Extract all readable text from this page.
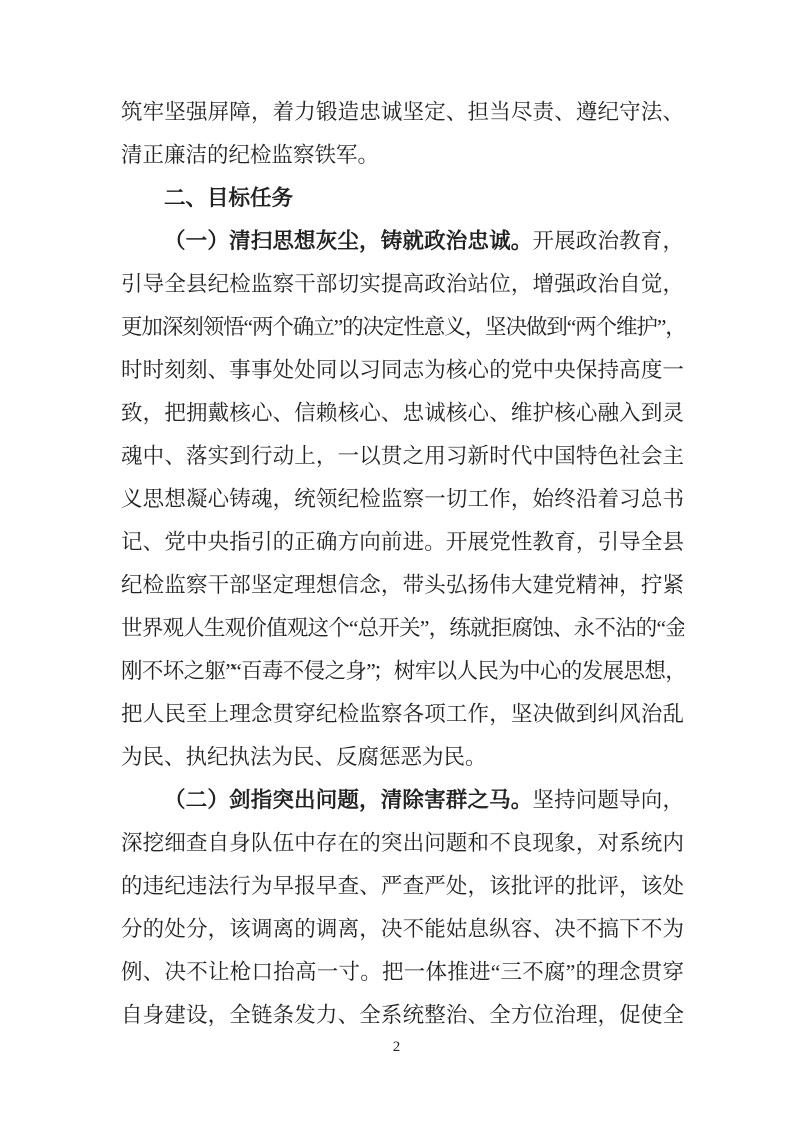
筑牢坚强屏障，着力锻造忠诚坚定、担当尽责、遵纪守法、
清正廉洁的纪检监察铁军。
二、目标任务
（一）清扫思想灰尘，铸就政治忠诚。开展政治教育，
引导全县纪检监察干部切实提高政治站位，增强政治自觉，
更加深刻领悟“两个确立”的决定性意义，坚决做到“两个维护”，
时时刻刻、事事处处同以习同志为核心的党中央保持高度一
致，把拥戴核心、信赖核心、忠诚核心、维护核心融入到灵
魂中、落实到行动上，一以贯之用习新时代中国特色社会主
义思想凝心铸魂，统领纪检监察一切工作，始终沿着习总书
记、党中央指引的正确方向前进。开展党性教育，引导全县
纪检监察干部坚定理想信念，带头弘扬伟大建党精神，拧紧
世界观人生观价值观这个“总开关”，练就拒腐蚀、永不沾的“金
刚不坏之躯”“百毒不侵之身”；树牢以人民为中心的发展思想，
把人民至上理念贯穿纪检监察各项工作，坚决做到纠风治乱
为民、执纪执法为民、反腐惩恶为民。
（二）剑指突出问题，清除害群之马。坚持问题导向，
深挖细查自身队伍中存在的突出问题和不良现象，对系统内
的违纪违法行为早报早查、严查严处，该批评的批评，该处
分的处分，该调离的调离，决不能姑息纵容、决不搞下不为
例、决不让枪口抬高一寸。把一体推进“三不腐”的理念贯穿
自身建设，全链条发力、全系统整治、全方位治理，促使全
2
